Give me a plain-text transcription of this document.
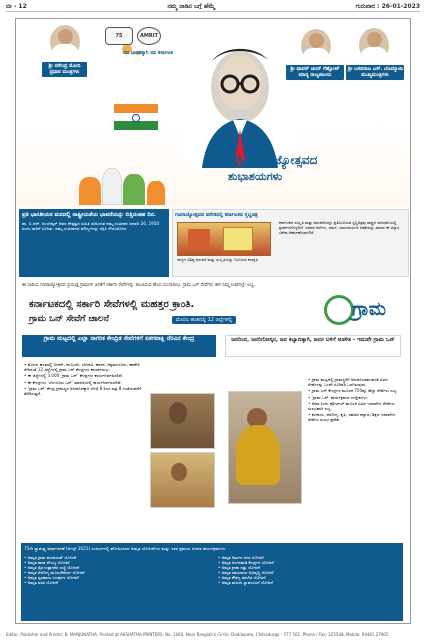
ಬೀ - 12	ನಮ್ಮ ನಾಡಿನ ಬಗ್ಗೆ ಹೆಮ್ಮೆ	ಗುರುವಾರ : 26-01-2023
ಶ್ರೀ ನರೇಂದ್ರ ಮೋದಿ
ಪ್ರಧಾನ ಮಂತ್ರಿಗಳು
75	AMRIT
ನವ ಭಾರತಕ್ಕಾಗಿ ನವ ಕರ್ನಾಟಕ
ಶ್ರೀ ಥಾವರ್ ಚಂದ್ ಗೆಹ್ಲೋಟ್
ಮಾನ್ಯ ರಾಜ್ಯಪಾಲರು
ಶ್ರೀ ಬಸವರಾಜ ಎಸ್. ಬೊಮ್ಮಾಯಿ
ಮುಖ್ಯಮಂತ್ರಿಗಳು
73ನೇ ಗಣರಾಜ್ಯೋತ್ಸವದ
ಶುಭಾಶಯಗಳು
ಪ್ರತಿ ಭಾರತೀಯನ ಮನದಲ್ಲಿ ರಾಷ್ಟ್ರೀಯತೆಯ ಭಾವನೆಯನ್ನು ಬಿತ್ತಿದಂತಹ ದಿನ.
ಡಾ. ಬಿ.ಆರ್. ಅಂಬೇಡ್ಕರ್ ಅವರ ನೇತೃತ್ವದ ಸಮಿತಿ ರಚಿಸಿದಂತ ನಮ್ಮ ಸಂವಿಧಾನ ಜನವರಿ 26, 1950 ರಂದು ಜಾರಿಗೆ ಬಂದಿತು. ನಮ್ಮ ಸಂವಿಧಾನದ ಮೌಲ್ಯಗಳನ್ನು ರಕ್ಷಿಸಿ ಗೌರವಿಸೋಣ.
ಗಣರಾಜ್ಯೋತ್ಸವದ ಪರೇಡಿನಲ್ಲಿ ಕರ್ನಾಟಕದ ಸ್ತಬ್ಧಚಿತ್ರ
ರಾಜ್ಯದ ವಿಶಿಷ್ಟ ಪರಂಪರೆ ಮತ್ತು ಸಂಸ್ಕೃತಿಯನ್ನು ಬಿಂಬಿಸುವ ಕಲಾಕೃತಿ
ಕರ್ನಾಟಕದ ಸಂಸ್ಕೃತಿ ಮತ್ತು ಪರಂಪರೆಯನ್ನು ಪ್ರತಿಬಿಂಬಿಸುವ ಸ್ತಬ್ಧಚಿತ್ರವು ರಾಷ್ಟ್ರದ ರಾಜಧಾನಿಯಲ್ಲಿ ಪ್ರದರ್ಶನಗೊಳ್ಳಲಿದೆ. ಜನಪದ ಕಲೆಗಳು, ಧರ್ಮ, ಸಮುದಾಯಗಳ ಏಕತೆಯನ್ನು ಸಾರುವ ಈ ವಿನ್ಯಾಸ ವಿಶೇಷ ಆಕರ್ಷಣೆಯಾಗಲಿದೆ.
ಈ ಬಾರಿಯ ಗಣರಾಜ್ಯೋತ್ಸವದ ಪ್ರಯುಕ್ತ ಗ್ರಾಮಗಳ ಜನತೆಗೆ ಸರ್ಕಾರಿ ಸೇವೆಗಳನ್ನು ತಲುಪಿಸುವ ಹೊಸ ಯುಗಾರಂಭ. ಗ್ರಾಮ ಒನ್ ಸೇವೆಗಳು ಈಗ ನಿಮ್ಮ ಊರಿನಲ್ಲೇ ಲಭ್ಯ.
ಕರ್ನಾಟಕದಲ್ಲಿ ಸರ್ಕಾರಿ ಸೇವೆಗಳಲ್ಲಿ ಮಹತ್ತರ ಕ್ರಾಂತಿ.
ಗ್ರಾಮ ಒನ್ ಸೇವೆಗೆ ಚಾಲನೆ	ಮೊದಲ ಹಂತದಲ್ಲಿ 12 ಜಿಲ್ಲೆಗಳಲ್ಲಿ	ಗ್ರಾಮ
ಗ್ರಾಮ ಮಟ್ಟದಲ್ಲಿ ಎಲ್ಲಾ ನಾಗರಿಕ ಕೇಂದ್ರಿತ ಸೇವೆಗಳಿಗೆ ಏಕಗವಾಕ್ಷಿ ನೆರವಿನ ಕೇಂದ್ರ

• ಮೊದಲ ಹಂತದಲ್ಲಿ ಬೀದರ್, ಕಲಬುರಗಿ, ಬೆಳಗಾವಿ, ಹಾಸನ, ಚಿಕ್ಕಮಗಳೂರು, ಹಾವೇರಿ ಸೇರಿದಂತೆ 12 ಜಿಲ್ಲೆಗಳಲ್ಲಿ ಗ್ರಾಮ ಒನ್ ಕೇಂದ್ರಗಳು ಕಾರ್ಯಾರಂಭ.

• ಈ ಜಿಲ್ಲೆಗಳಲ್ಲಿ 3,000 ‘ಗ್ರಾಮ ಒನ್’ ಕೇಂದ್ರಗಳು ಕಾರ್ಯನಿರ್ವಹಿಸಲಿವೆ.

• ಈ ಕೇಂದ್ರಗಳು ‘ಬೆಂಗಳೂರು ಒನ್’ ಮಾದರಿಯಲ್ಲಿ ಕಾರ್ಯನಿರ್ವಹಿಸಲಿವೆ.

• ‘ಗ್ರಾಮ ಒನ್’ ಕೇಂದ್ರ ಗ್ರಾಮಸ್ಥರ ಅನುಕೂಲಕ್ಕಾಗಿ ಬೆಳಗ್ಗೆ 8 ರಿಂದ ರಾತ್ರಿ 8 ಗಂಟೆಯವರೆಗೆ ತೆರೆದಿರುತ್ತದೆ.

ಜನರಿಂದ, ಜನರಿಗೋಸ್ಕರ, ಜನ ಕಲ್ಯಾಣಕ್ಕಾಗಿ, ಜನರ ಬಳಿಗೆ ಆಡಳಿತ - ಇದುವೇ ಗ್ರಾಮ ಒನ್

• ಗ್ರಾಮ ಮಟ್ಟದಲ್ಲಿ ಗ್ರಾಮಸ್ಥರಿಗೆ ಅನುಕೂಲವಾಗುವಂತೆ ವಿವಿಧ ಸೇವೆಗಳನ್ನು ಒಂದೇ ಸೂರಿನಡಿ ಒದಗಿಸುವುದು.

• ಗ್ರಾಮ ಒನ್ ಕೇಂದ್ರಗಳ ಮೂಲಕ 750ಕ್ಕೂ ಹೆಚ್ಚು ಸೇವೆಗಳು ಲಭ್ಯ.

• ‘ಗ್ರಾಮ ಒನ್’ ಕಾರ್ಯಕ್ರಮದ ಉದ್ದೇಶಗಳು:

• ಸೇವಾ ಸಿಂಧು ಪೋರ್ಟಲ್ ಮೂಲಕ ವಿವಿಧ ಇಲಾಖೆಗಳ ಸೇವೆಗಳು ಸುಲಭವಾಗಿ ಲಭ್ಯ.

• ಕಂದಾಯ, ಆರೋಗ್ಯ, ಕೃಷಿ, ಸಮಾಜ ಕಲ್ಯಾಣ, ಶಿಕ್ಷಣ ಇಲಾಖೆಗಳ ಸೇವೆಗಳ ಸುಲಭ ಪ್ರವೇಶ.

75ನೇ ಸ್ವಾತಂತ್ರ್ಯ ವರ್ಷಾಚರಣೆ (ಅಗಸ್ಟ್ 2021) ಸಂದರ್ಭದಲ್ಲಿ ಘೋಷಿಸಲಾದ ಅಮೃತ ಯೋಜನೆಗಳು ಮತ್ತು ಇತರ ಪ್ರಮುಖ ಜನಪರ ಕಾರ್ಯಕ್ರಮಗಳು.
• ಅಮೃತ ಗ್ರಾಮ ಪಂಚಾಯತ್ ಯೋಜನೆ	• ಅಮೃತ ನಿರ್ಮಲ ನಗರ ಯೋಜನೆ
• ಅಮೃತ ಶಾಲಾ ಸೌಲಭ್ಯ ಯೋಜನೆ	• ಅಮೃತ ಅಂಗನವಾಡಿ ಕೇಂದ್ರಗಳ ಯೋಜನೆ
• ಅಮೃತ ರೈತ ಉತ್ಪಾದಕರ ಸಂಸ್ಥೆ ಯೋಜನೆ	• ಅಮೃತ ಕ್ರೀಡಾ ದತ್ತು ಯೋಜನೆ
• ಅಮೃತ ಆರೋಗ್ಯ ಮೂಲಸೌಕರ್ಯ ಯೋಜನೆ	• ಅಮೃತ ಸಮುದಾಯ ಅಭಿವೃದ್ಧಿ ಯೋಜನೆ
• ಅಮೃತ ಸ್ವಸಹಾಯ ಗುಂಪುಗಳ ಯೋಜನೆ	• ಅಮೃತ ಕೌಶಲ್ಯ ತರಬೇತಿ ಯೋಜನೆ
• ಅಮೃತ ವಸತಿ ಯೋಜನೆ	• ಅಮೃತ ಮಹಿಳಾ ಸ್ವಾವಲಂಬನೆ ಯೋಜನೆ
Editor, Publisher and Printer: B. MANJUNATHA, Printed at AKSHATHA PRINTERS, No. 1060, Near Rangiah's Circle, Doddapete, Chitradurga - 577 501. Phone / Fax: 225548, Mobile: 94481 27905
